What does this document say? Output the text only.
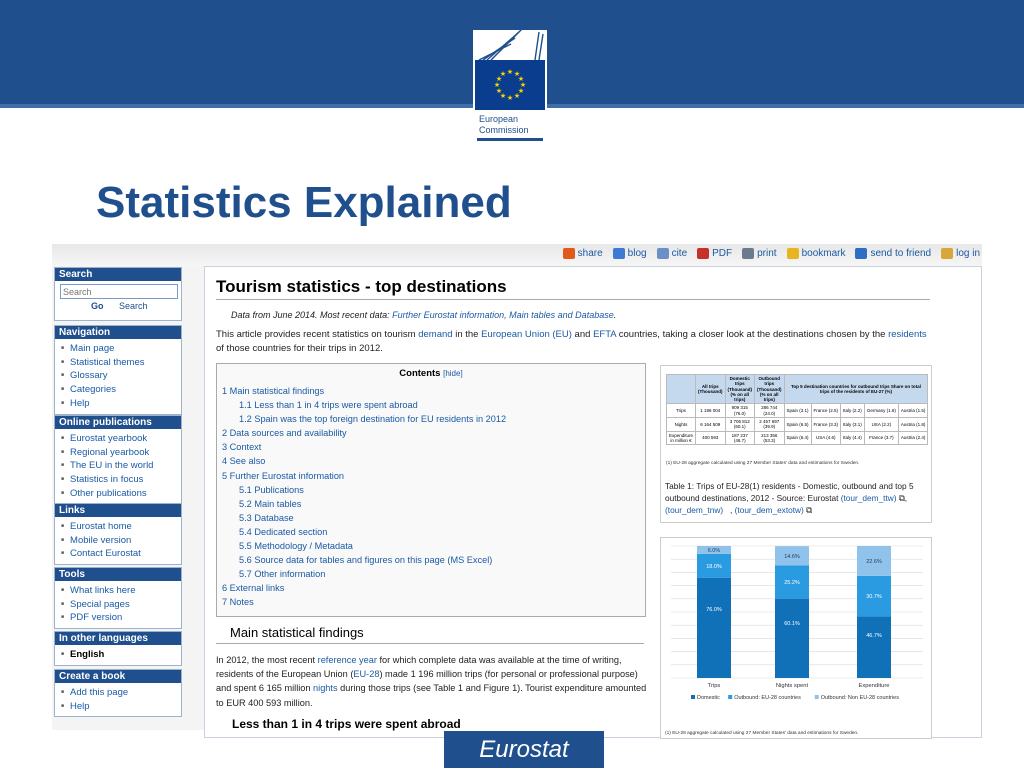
★ ★
★
★
★
★
★
★
★
★
★
★
European
Commission
Statistics Explained
share	blog	cite	PDF	print	bookmark	send to friend	log in
Search
Search
Go Search
Navigation
■ Main page
■ Statistical themes
■ Glossary
■ Categories
■ Help
Online publications
■ Eurostat yearbook
■ Regional yearbook
■ The EU in the world
■ Statistics in focus
■ Other publications
Links
■ Eurostat home
■ Mobile version
■ Contact Eurostat
Tools
■ What links here
■ Special pages
■ PDF version
In other languages
■ English
Create a book
■ Add this page
■ Help
Tourism statistics - top destinations
Data from June 2014. Most recent data: Further Eurostat information, Main tables and Database.
This article provides recent statistics on tourism demand in the European Union (EU) and EFTA countries, taking a closer look at the destinations chosen by the residents of those countries for their trips in 2012.
Contents [hide]
1 Main statistical findings
1.1 Less than 1 in 4 trips were spent abroad
1.2 Spain was the top foreign destination for EU residents in 2012
2 Data sources and availability
3 Context
4 See also
5 Further Eurostat information
5.1 Publications
5.2 Main tables
5.3 Database
5.4 Dedicated section
5.5 Methodology / Metadata
5.6 Source data for tables and figures on this page (MS Excel)
5.7 Other information
6 External links
7 Notes
Main statistical findings
In 2012, the most recent reference year for which complete data was available at the time of writing, residents of the European Union (EU-28) made 1 196 million trips (for personal or professional purpose) and spent 6 165 million nights during those trips (see Table 1 and Figure 1). Tourist expenditure amounted to EUR 400 593 million.
Less than 1 in 4 trips were spent abroad
	All trips (Thousand)	Domestic trips (Thousand) (% on all trips)	Outbound trips (Thousand) (% on all trips)	Top 5 destination countries for outbound trips Share on total trips of the residents of EU-27 (%)				
Trips	1 196 004	909 315 (76.0)	286 744 (24.0)	Spain (3.1)	France (2.5)	Italy (2.2)	Germany (1.8)	Austria (1.5)
Nights	6 164 509	3 706 812 (60.1)	2 457 697 (39.9)	Spain (6.5)	France (3.3)	Italy (3.1)	USA (2.2)	Austria (1.8)
Expenditure in million €	400 593	187 237 (46.7)	213 356 (53.3)	Spain (6.4)	USA (4.6)	Italy (4.4)	France (3.7)	Austria (2.4)
(1) EU-28 aggregate calculated using 27 Member States' data and estimations for Sweden.
Table 1: Trips of EU-28(1) residents - Domestic, outbound and top 5 outbound destinations, 2012 - Source: Eurostat (tour_dem_ttw) ⧉, (tour_dem_tnw)   , (tour_dem_extotw) ⧉
76.0%
18.0%
6.0%
Trips
60.1%
25.2%
14.6%
Nights spent
46.7%
30.7%
22.6%
Expenditure
Domestic	Outbound: EU-28 countries	Outbound: Non EU-28 countries
(1) EU-28 aggregate calculated using 27 Member States' data and estimations for Sweden.
Eurostat
